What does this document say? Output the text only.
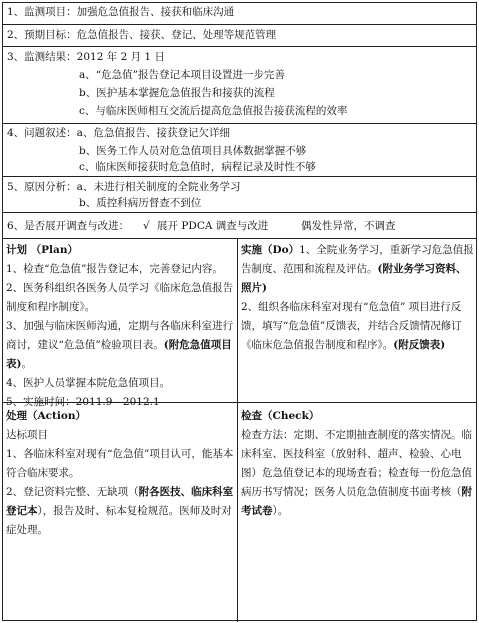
1、监测项目：加强危急值报告、接获和临床沟通
2、预期目标：危急值报告、接获、登记、处理等规范管理
3、监测结果：2012 年 2 月 1 日
a、“危急值”报告登记本项目设置进一步完善
b、医护基本掌握危急值报告和接获的流程
c、与临床医师相互交流后提高危急值报告接获流程的效率
4、问题叙述：a、危急值报告、接获登记欠详细
b、医务工作人员对危急值项目具体数据掌握不够
c、临床医师接获时危急值时，病程记录及时性不够
5、原因分析：a、未进行相关制度的全院业务学习
b、质控科病历督查不到位
6、是否展开调查与改进： √ 展开 PDCA 调查与改进	偶发性异常，不调查

计划 （Plan）

1、检查“危急值”报告登记本，完善登记内容。

2、医务科组织各医务人员学习《临床危急值报告制度和程序制度》。

3、加强与临床医师沟通，定期与各临床科室进行商讨，建议“危急值”检验项目表。(附危急值项目表)。

4、医护人员掌握本院危急值项目。

5、实施时间：2011.9—2012.1

实施（Do）1、全院业务学习，重新学习危急值报告制度、范围和流程及评估。(附业务学习资料、照片)

2、组织各临床科室对现有“危急值” 项目进行反馈，填写“危急值”反馈表，并结合反馈情况修订《临床危急值报告制度和程序》。(附反馈表)

处理（Action）

达标项目

1、各临床科室对现有“危急值”项目认可，能基本符合临床要求。

2、登记资料完整、无缺项（附各医技、临床科室登记本），报告及时、标本复检规范。医师及时对症处理。

检查（Check）

检查方法：定期、不定期抽查制度的落实情况。临床科室、医技科室（放射科、超声、检验、心电图）危急值登记本的现场查看；检查每一份危急值病历书写情况；医务人员危急值制度书面考核（附考试卷）。
